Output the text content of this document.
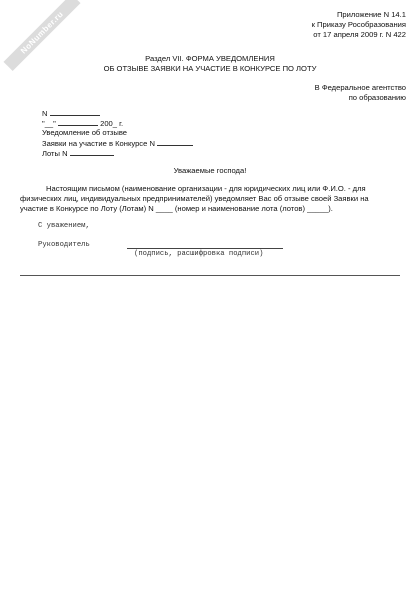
NoNumber.ru	Приложение N 14.1
к Приказу Рособразования
от 17 апреля 2009 г. N 422
Раздел VII. ФОРМА УВЕДОМЛЕНИЯ
ОБ ОТЗЫВЕ ЗАЯВКИ НА УЧАСТИЕ В КОНКУРСЕ ПО ЛОТУ
В Федеральное агентство
по образованию
N
"__"	200_ г.
Уведомление об отзыве
Заявки на участие в Конкурсе N
Лоты N
Уважаемые господа!
Настоящим письмом (наименование организации - для юридических лиц или Ф.И.О. - для
физических лиц, индивидуальных предпринимателей) уведомляет Вас об отзыве своей Заявки на
участие в Конкурсе по Лоту (Лотам) N ____ (номер и наименование лота (лотов) _____).
С уважением,
Руководитель
(подпись, расшифровка подписи)
